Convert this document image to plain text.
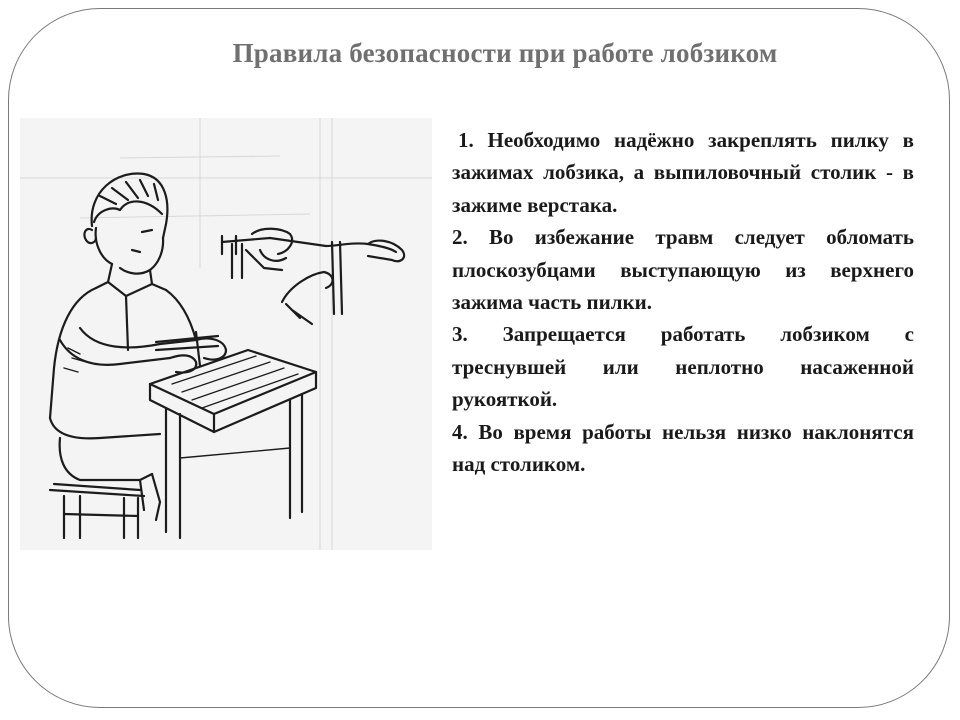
Правила безопасности при работе лобзиком

1. Необходимо надёжно закреплять пилку в зажимах лобзика, а выпиловочный столик - в зажиме верстака.

2. Во избежание травм следует обломать плоскозубцами выступающую из верхнего зажима часть пилки.

3. Запрещается работать лобзиком с треснувшей или неплотно насаженной рукояткой.

4. Во время работы нельзя низко наклонятся над столиком.
